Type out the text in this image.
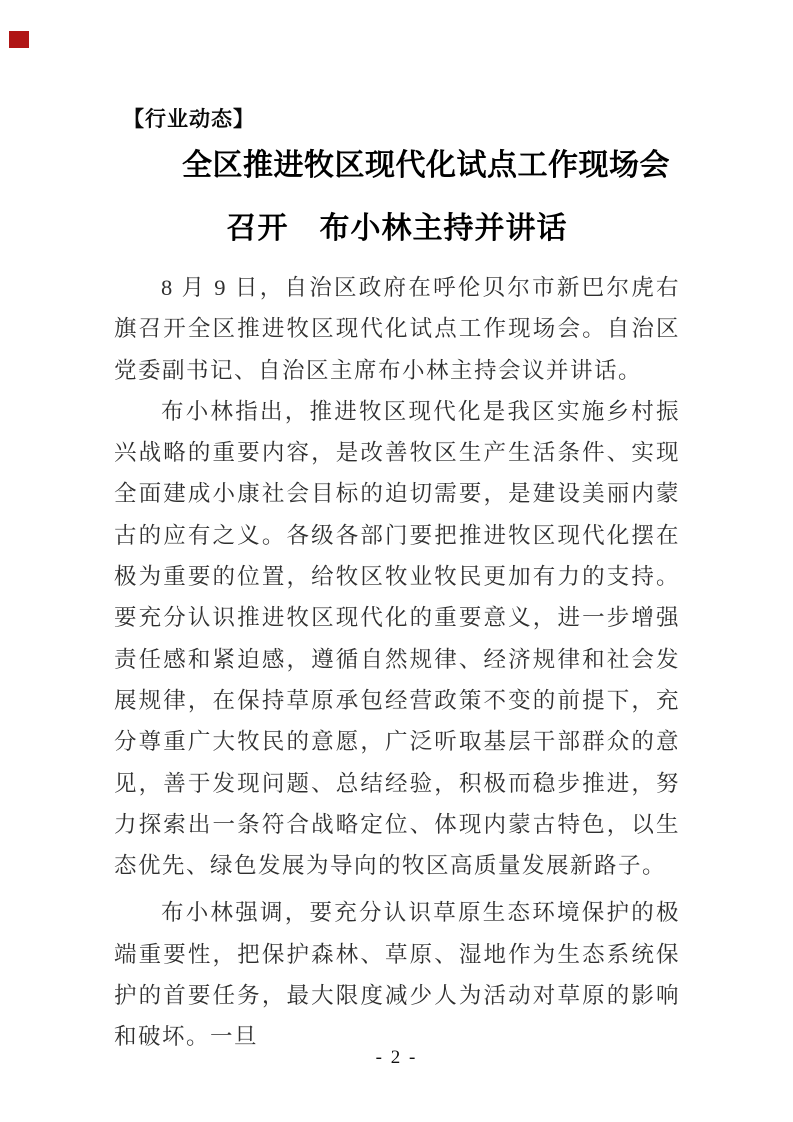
【行业动态】
全区推进牧区现代化试点工作现场会
召开　布小林主持并讲话

8 月 9 日，自治区政府在呼伦贝尔市新巴尔虎右旗召开全区推进牧区现代化试点工作现场会。自治区党委副书记、自治区主席布小林主持会议并讲话。

布小林指出，推进牧区现代化是我区实施乡村振兴战略的重要内容，是改善牧区生产生活条件、实现全面建成小康社会目标的迫切需要，是建设美丽内蒙古的应有之义。各级各部门要把推进牧区现代化摆在极为重要的位置，给牧区牧业牧民更加有力的支持。要充分认识推进牧区现代化的重要意义，进一步增强责任感和紧迫感，遵循自然规律、经济规律和社会发展规律，在保持草原承包经营政策不变的前提下，充分尊重广大牧民的意愿，广泛听取基层干部群众的意见，善于发现问题、总结经验，积极而稳步推进，努力探索出一条符合战略定位、体现内蒙古特色，以生态优先、绿色发展为导向的牧区高质量发展新路子。

布小林强调，要充分认识草原生态环境保护的极端重要性，把保护森林、草原、湿地作为生态系统保护的首要任务，最大限度减少人为活动对草原的影响和破坏。一旦

- 2 -
